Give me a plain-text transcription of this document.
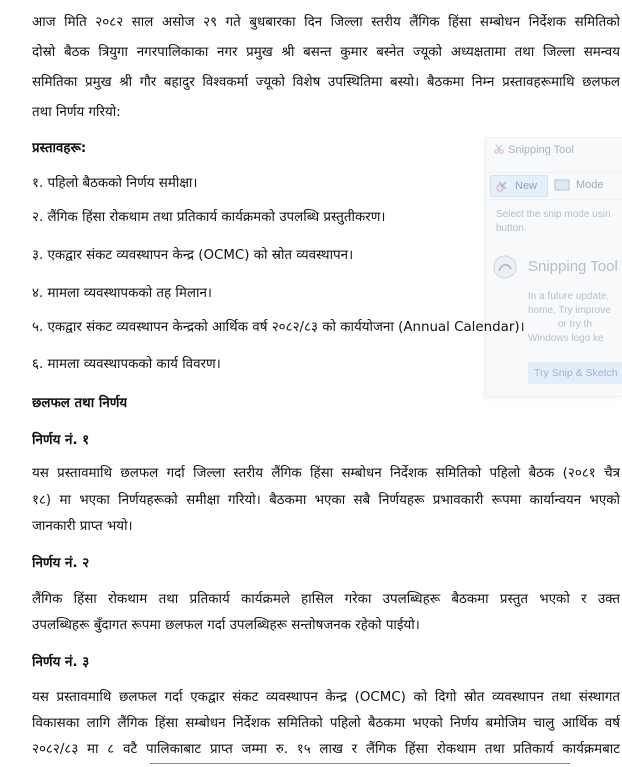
Snipping Tool
New	Mode
Select the snip mode usin
button.
Snipping Tool
In a future update,
home. Try improve
or try th
Windows logo ke
Try Snip & Sketch
आज मिति २०८२ साल असोज २९ गते बुधबारका दिन जिल्ला स्तरीय लैंगिक हिंसा सम्बोधन निर्देशक समितिको
दोस्रो बैठक त्रियुगा नगरपालिकाका नगर प्रमुख श्री बसन्त कुमार बस्नेत ज्यूको अध्यक्षतामा तथा जिल्ला समन्वय
समितिका प्रमुख श्री गौर बहादुर विश्वकर्मा ज्यूको विशेष उपस्थितिमा बस्यो। बैठकमा निम्न प्रस्तावहरूमाथि छलफल
तथा निर्णय गरियो:
प्रस्तावहरू:
१. पहिलो बैठकको निर्णय समीक्षा।
२. लैंगिक हिंसा रोकथाम तथा प्रतिकार्य कार्यक्रमको उपलब्धि प्रस्तुतीकरण।
३. एकद्वार संकट व्यवस्थापन केन्द्र (OCMC) को स्रोत व्यवस्थापन।
४. मामला व्यवस्थापकको तह मिलान।
५. एकद्वार संकट व्यवस्थापन केन्द्रको आर्थिक वर्ष २०८२/८३ को कार्ययोजना (Annual Calendar)।
६. मामला व्यवस्थापकको कार्य विवरण।
छलफल तथा निर्णय
निर्णय नं. १
यस प्रस्तावमाथि छलफल गर्दा जिल्ला स्तरीय लैंगिक हिंसा सम्बोधन निर्देशक समितिको पहिलो बैठक (२०८१ चैत्र
१८) मा भएका निर्णयहरूको समीक्षा गरियो। बैठकमा भएका सबै निर्णयहरू प्रभावकारी रूपमा कार्यान्वयन भएको
जानकारी प्राप्त भयो।
निर्णय नं. २
लैंगिक हिंसा रोकथाम तथा प्रतिकार्य कार्यक्रमले हासिल गरेका उपलब्धिहरू बैठकमा प्रस्तुत भएको र उक्त
उपलब्धिहरू बुँदागत रूपमा छलफल गर्दा उपलब्धिहरू सन्तोषजनक रहेको पाईयो।
निर्णय नं. ३
यस प्रस्तावमाथि छलफल गर्दा एकद्वार संकट व्यवस्थापन केन्द्र (OCMC) को दिगो स्रोत व्यवस्थापन तथा संस्थागत
विकासका लागि लैंगिक हिंसा सम्बोधन निर्देशक समितिको पहिलो बैठकमा भएको निर्णय बमोजिम चालु आर्थिक वर्ष
२०८२/८३ मा ८ वटै पालिकाबाट प्राप्त जम्मा रु. १५ लाख र लैंगिक हिंसा रोकथाम तथा प्रतिकार्य कार्यक्रमबाट
